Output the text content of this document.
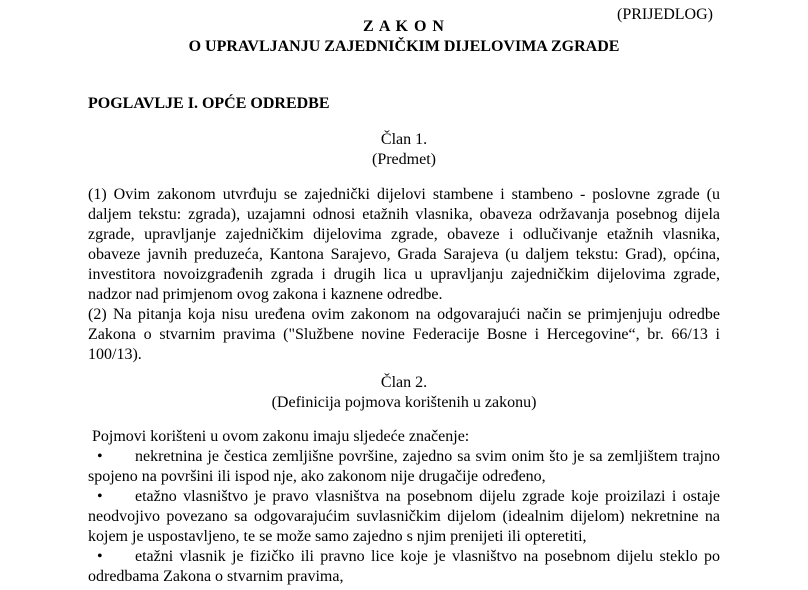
(PRIJEDLOG)
Z A K O N
O UPRAVLJANJU ZAJEDNIČKIM DIJELOVIMA ZGRADE
POGLAVLJE I. OPĆE ODREDBE
Član 1.
(Predmet)

(1) Ovim zakonom utvrđuju se zajednički dijelovi stambene i stambeno - poslovne zgrade (u daljem tekstu: zgrada), uzajamni odnosi etažnih vlasnika, obaveza održavanja posebnog dijela zgrade, upravljanje zajedničkim dijelovima zgrade, obaveze i odlučivanje etažnih vlasnika, obaveze javnih preduzeća, Kantona Sarajevo, Grada Sarajeva (u daljem tekstu: Grad), općina, investitora novoizgrađenih zgrada i drugih lica u upravljanju zajedničkim dijelovima zgrade, nadzor nad primjenom ovog zakona i kaznene odredbe.

(2) Na pitanja koja nisu uređena ovim zakonom na odgovarajući način se primjenjuju odredbe Zakona o stvarnim pravima ("Službene novine Federacije Bosne i Hercegovine“, br. 66/13 i 100/13).

Član 2.
(Definicija pojmova korištenih u zakonu)
Pojmovi korišteni u ovom zakonu imaju sljedeće značenje:

• nekretnina je čestica zemljišne površine, zajedno sa svim onim što je sa zemljištem trajno spojeno na površini ili ispod nje, ako zakonom nije drugačije određeno,

• etažno vlasništvo je pravo vlasništva na posebnom dijelu zgrade koje proizilazi i ostaje neodvojivo povezano sa odgovarajućim suvlasničkim dijelom (idealnim dijelom) nekretnine na kojem je uspostavljeno, te se može samo zajedno s njim prenijeti ili opteretiti,

• etažni vlasnik je fizičko ili pravno lice koje je vlasništvo na posebnom dijelu steklo po odredbama Zakona o stvarnim pravima,
